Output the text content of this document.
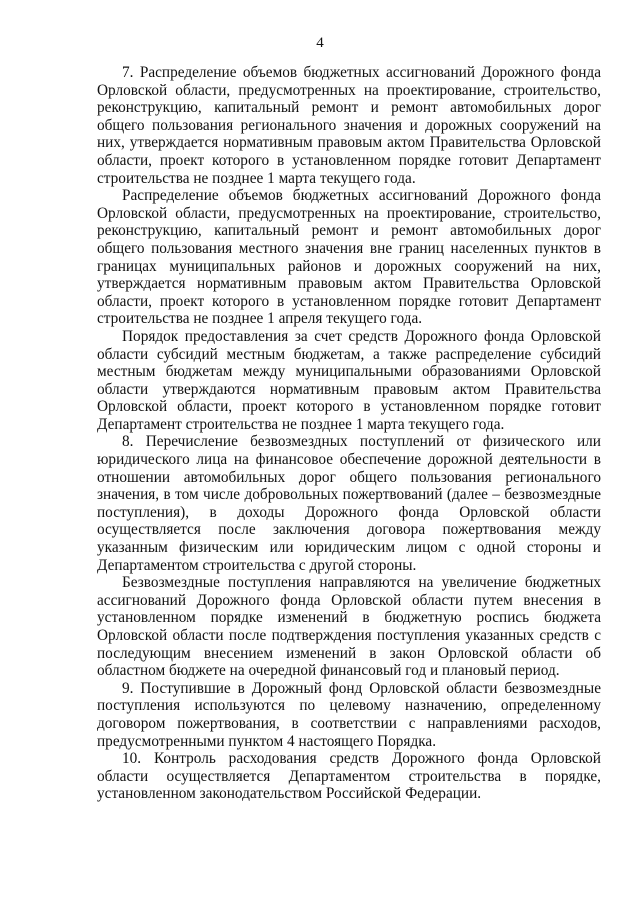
4

7. Распределение объемов бюджетных ассигнований Дорожного фонда Орловской области, предусмотренных на проектирование, строительство, реконструкцию, капитальный ремонт и ремонт автомобильных дорог общего пользования регионального значения и дорожных сооружений на них, утверждается нормативным правовым актом Правительства Орловской области, проект которого в установленном порядке готовит Департамент строительства не позднее 1 марта текущего года.

Распределение объемов бюджетных ассигнований Дорожного фонда Орловской области, предусмотренных на проектирование, строительство, реконструкцию, капитальный ремонт и ремонт автомобильных дорог общего пользования местного значения вне границ населенных пунктов в границах муниципальных районов и дорожных сооружений на них, утверждается нормативным правовым актом Правительства Орловской области, проект которого в установленном порядке готовит Департамент строительства не позднее 1 апреля текущего года.

Порядок предоставления за счет средств Дорожного фонда Орловской области субсидий местным бюджетам, а также распределение субсидий местным бюджетам между муниципальными образованиями Орловской области утверждаются нормативным правовым актом Правительства Орловской области, проект которого в установленном порядке готовит Департамент строительства не позднее 1 марта текущего года.

8. Перечисление безвозмездных поступлений от физического или юридического лица на финансовое обеспечение дорожной деятельности в отношении автомобильных дорог общего пользования регионального значения, в том числе добровольных пожертвований (далее – безвозмездные поступления), в доходы Дорожного фонда Орловской области осуществляется после заключения договора пожертвования между указанным физическим или юридическим лицом с одной стороны и Департаментом строительства с другой стороны.

Безвозмездные поступления направляются на увеличение бюджетных ассигнований Дорожного фонда Орловской области путем внесения в установленном порядке изменений в бюджетную роспись бюджета Орловской области после подтверждения поступления указанных средств с последующим внесением изменений в закон Орловской области об областном бюджете на очередной финансовый год и плановый период.

9. Поступившие в Дорожный фонд Орловской области безвозмездные поступления используются по целевому назначению, определенному договором пожертвования, в соответствии с направлениями расходов, предусмотренными пунктом 4 настоящего Порядка.

10. Контроль расходования средств Дорожного фонда Орловской области осуществляется Департаментом строительства в порядке, установленном законодательством Российской Федерации.
